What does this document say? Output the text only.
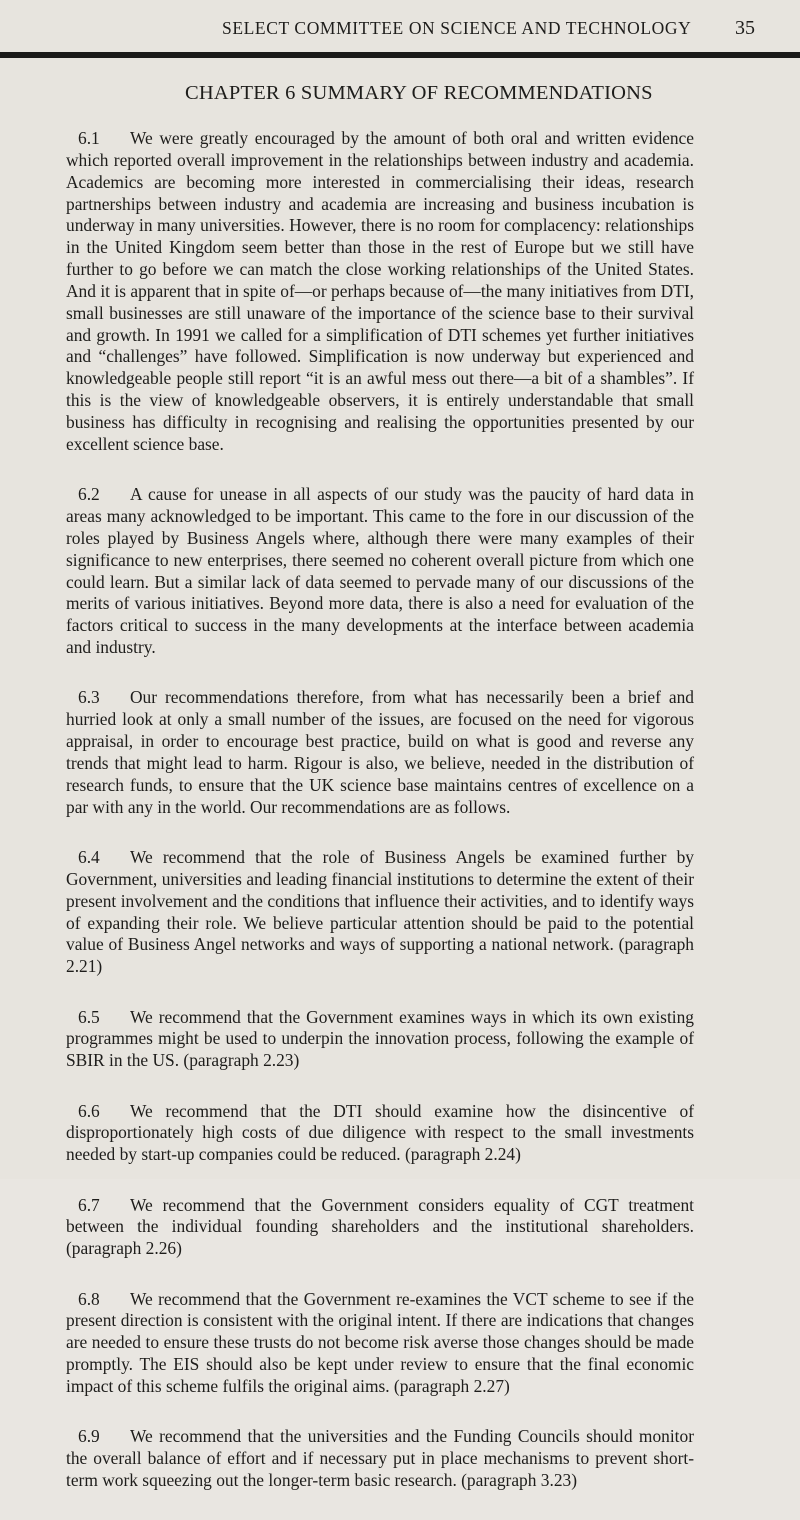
SELECT COMMITTEE ON SCIENCE AND TECHNOLOGY 35
CHAPTER 6 SUMMARY OF RECOMMENDATIONS

6.1 We were greatly encouraged by the amount of both oral and written evidence which reported overall improvement in the relationships between industry and academia. Academics are becoming more interested in commercialising their ideas, research partnerships between industry and academia are increasing and business incubation is underway in many universities. However, there is no room for complacency: relationships in the United Kingdom seem better than those in the rest of Europe but we still have further to go before we can match the close working relationships of the United States. And it is apparent that in spite of—or perhaps because of—the many initiatives from DTI, small businesses are still unaware of the importance of the science base to their survival and growth. In 1991 we called for a simplification of DTI schemes yet further initiatives and “challenges” have followed. Simplification is now underway but experienced and knowledgeable people still report “it is an awful mess out there—a bit of a shambles”. If this is the view of knowledgeable observers, it is entirely understandable that small business has difficulty in recognising and realising the opportunities presented by our excellent science base.

6.2 A cause for unease in all aspects of our study was the paucity of hard data in areas many acknowledged to be important. This came to the fore in our discussion of the roles played by Business Angels where, although there were many examples of their significance to new enterprises, there seemed no coherent overall picture from which one could learn. But a similar lack of data seemed to pervade many of our discussions of the merits of various initiatives. Beyond more data, there is also a need for evaluation of the factors critical to success in the many developments at the interface between academia and industry.

6.3 Our recommendations therefore, from what has necessarily been a brief and hurried look at only a small number of the issues, are focused on the need for vigorous appraisal, in order to encourage best practice, build on what is good and reverse any trends that might lead to harm. Rigour is also, we believe, needed in the distribution of research funds, to ensure that the UK science base maintains centres of excellence on a par with any in the world. Our recommendations are as follows.

6.4 We recommend that the role of Business Angels be examined further by Government, universities and leading financial institutions to determine the extent of their present involvement and the conditions that influence their activities, and to identify ways of expanding their role. We believe particular attention should be paid to the potential value of Business Angel networks and ways of supporting a national network. (paragraph 2.21)

6.5 We recommend that the Government examines ways in which its own existing programmes might be used to underpin the innovation process, following the example of SBIR in the US. (paragraph 2.23)

6.6 We recommend that the DTI should examine how the disincentive of disproportionately high costs of due diligence with respect to the small investments needed by start-up companies could be reduced. (paragraph 2.24)

6.7 We recommend that the Government considers equality of CGT treatment between the individual founding shareholders and the institutional shareholders. (paragraph 2.26)

6.8 We recommend that the Government re-examines the VCT scheme to see if the present direction is consistent with the original intent. If there are indications that changes are needed to ensure these trusts do not become risk averse those changes should be made promptly. The EIS should also be kept under review to ensure that the final economic impact of this scheme fulfils the original aims. (paragraph 2.27)

6.9 We recommend that the universities and the Funding Councils should monitor the overall balance of effort and if necessary put in place mechanisms to prevent short-term work squeezing out the longer-term basic research. (paragraph 3.23)
